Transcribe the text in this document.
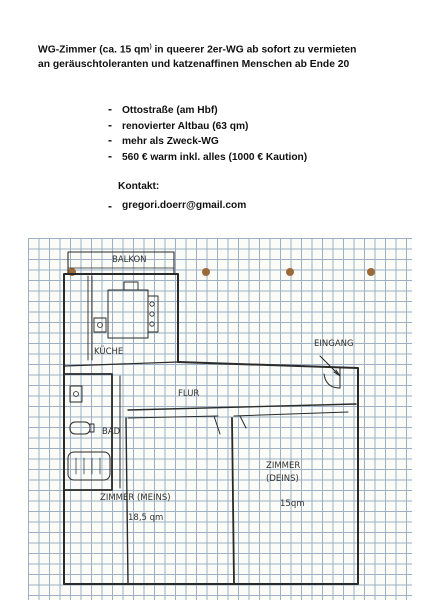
WG-Zimmer (ca. 15 qm) in queerer 2er-WG ab sofort zu vermieten
an geräuschtoleranten und katzenaffinen Menschen ab Ende 20
- Ottostraße (am Hbf)
- renovierter Altbau (63 qm)
- mehr als Zweck-WG
- 560 € warm inkl. alles (1000 € Kaution)
Kontakt:
- gregori.doerr@gmail.com
BALKON
KÜCHE
BAD
FLUR
EINGANG
ZIMMER
(DEINS)
15qm
ZIMMER (MEINS)
18,5 qm
